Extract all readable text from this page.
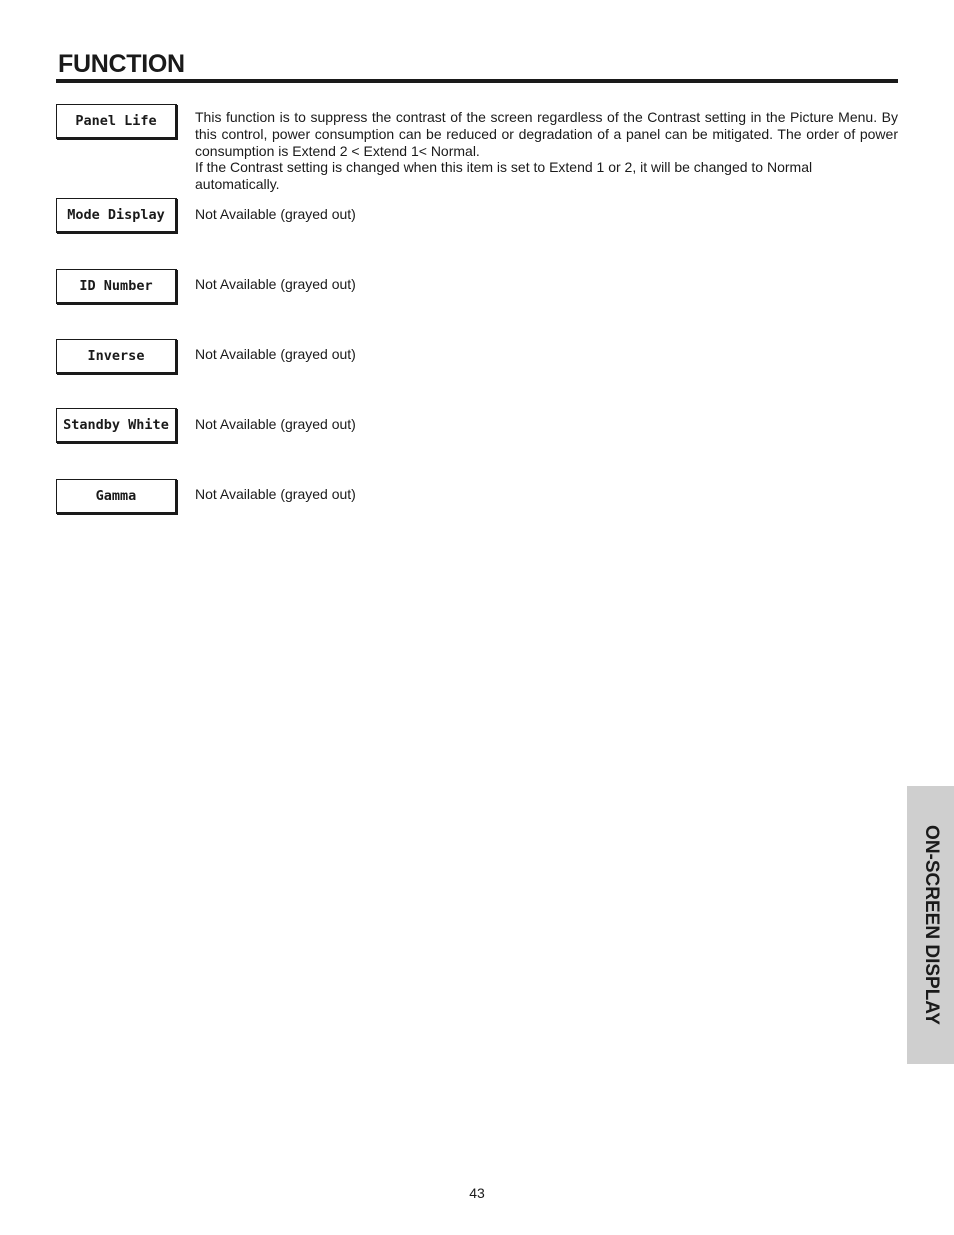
FUNCTION
Panel Life	This function is to suppress the contrast of the screen regardless of the Contrast setting in the Picture Menu. By this control, power consumption can be reduced or degradation of a panel can be mitigated. The order of power consumption is Extend 2 < Extend 1< Normal.

If the Contrast setting is changed when this item is set to Extend 1 or 2, it will be changed to Normal automatically.

Mode Display	Not Available (grayed out)

ID Number	Not Available (grayed out)

Inverse	Not Available (grayed out)

Standby White	Not Available (grayed out)

Gamma	Not Available (grayed out)

ON-SCREEN DISPLAY
43
